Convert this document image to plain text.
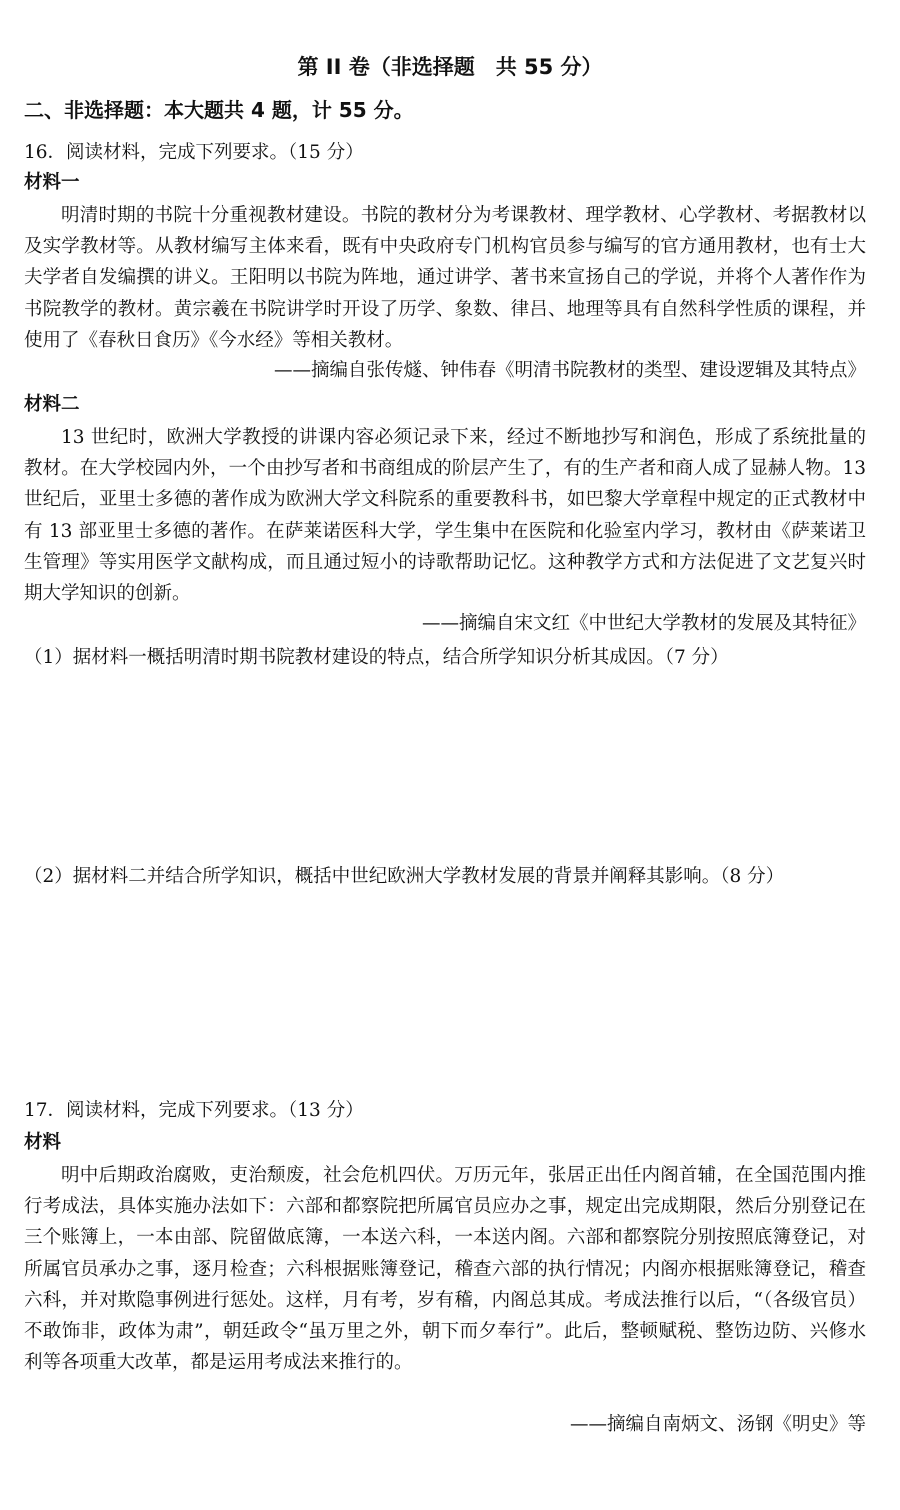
第 II 卷（非选择题　共 55 分）
二、非选择题：本大题共 4 题，计 55 分。
16．阅读材料，完成下列要求。（15 分）
材料一
明清时期的书院十分重视教材建设。书院的教材分为考课教材、理学教材、心学教材、考据教材以及实学教材等。从教材编写主体来看，既有中央政府专门机构官员参与编写的官方通用教材，也有士大夫学者自发编撰的讲义。王阳明以书院为阵地，通过讲学、著书来宣扬自己的学说，并将个人著作作为书院教学的教材。黄宗羲在书院讲学时开设了历学、象数、律吕、地理等具有自然科学性质的课程，并使用了《春秋日食历》《今水经》等相关教材。
——摘编自张传燧、钟伟春《明清书院教材的类型、建设逻辑及其特点》
材料二
13 世纪时，欧洲大学教授的讲课内容必须记录下来，经过不断地抄写和润色，形成了系统批量的教材。在大学校园内外，一个由抄写者和书商组成的阶层产生了，有的生产者和商人成了显赫人物。13 世纪后，亚里士多德的著作成为欧洲大学文科院系的重要教科书，如巴黎大学章程中规定的正式教材中有 13 部亚里士多德的著作。在萨莱诺医科大学，学生集中在医院和化验室内学习，教材由《萨莱诺卫生管理》等实用医学文献构成，而且通过短小的诗歌帮助记忆。这种教学方式和方法促进了文艺复兴时期大学知识的创新。
——摘编自宋文红《中世纪大学教材的发展及其特征》
（1）据材料一概括明清时期书院教材建设的特点，结合所学知识分析其成因。（7 分）
（2）据材料二并结合所学知识，概括中世纪欧洲大学教材发展的背景并阐释其影响。（8 分）
17．阅读材料，完成下列要求。（13 分）
材料
明中后期政治腐败，吏治颓废，社会危机四伏。万历元年，张居正出任内阁首辅，在全国范围内推行考成法，具体实施办法如下：六部和都察院把所属官员应办之事，规定出完成期限，然后分别登记在三个账簿上，一本由部、院留做底簿，一本送六科，一本送内阁。六部和都察院分别按照底簿登记，对所属官员承办之事，逐月检查；六科根据账簿登记，稽查六部的执行情况；内阁亦根据账簿登记，稽查六科，并对欺隐事例进行惩处。这样，月有考，岁有稽，内阁总其成。考成法推行以后，“（各级官员）不敢饰非，政体为肃”，朝廷政令“虽万里之外，朝下而夕奉行”。此后，整顿赋税、整饬边防、兴修水利等各项重大改革，都是运用考成法来推行的。
——摘编自南炳文、汤钢《明史》等
